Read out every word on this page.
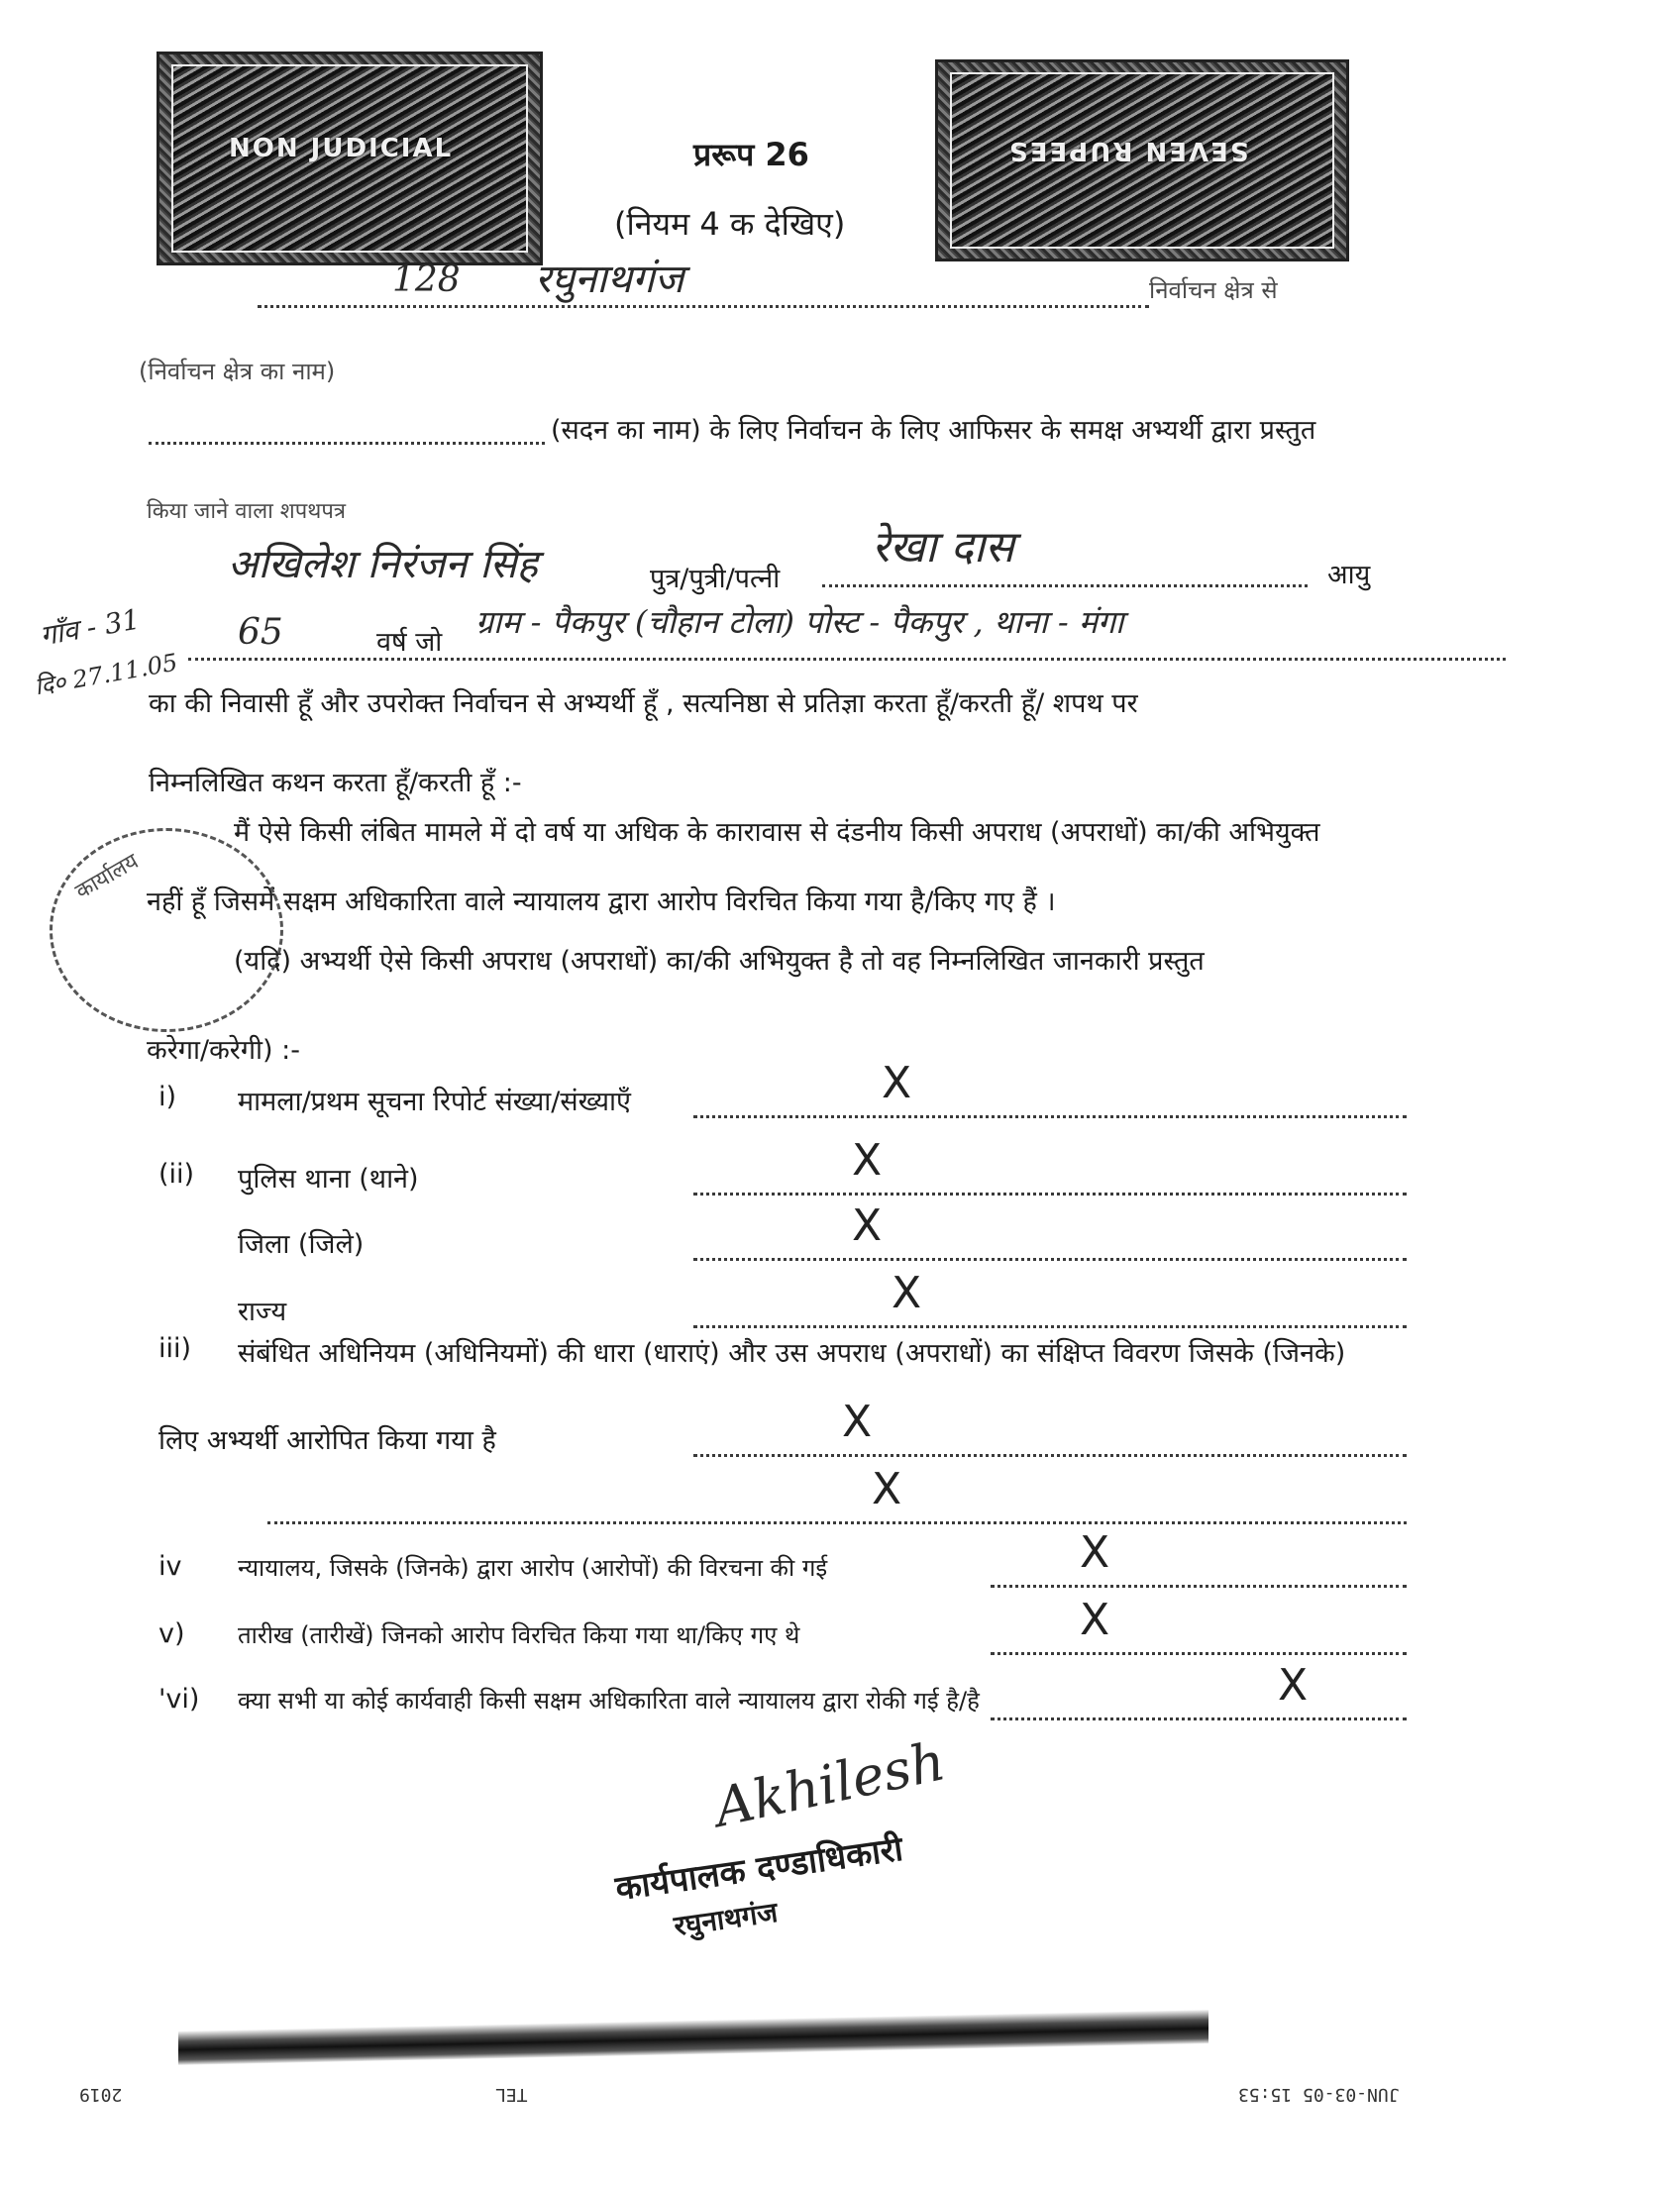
NON JUDICIAL	SEVEN RUPEES
प्ररूप 26
(नियम 4 क देखिए)
128 रघुनाथगंज	निर्वाचन क्षेत्र से
(निर्वाचन क्षेत्र का नाम)
(सदन का नाम) के लिए निर्वाचन के लिए आफिसर के समक्ष अभ्यर्थी द्वारा प्रस्तुत
किया जाने वाला शपथपत्र
अखिलेश निरंजन सिंह	पुत्र/पुत्री/पत्नी
रेखा दास
आयु
गाँव - 31
दि० 27.11.05
65	वर्ष जो
ग्राम - पैकपुर (चौहान टोला) पोस्ट - पैकपुर , थाना - मंगा
का की निवासी हूँ और उपरोक्त निर्वाचन से अभ्यर्थी हूँ , सत्यनिष्ठा से प्रतिज्ञा करता हूँ/करती हूँ/ शपथ पर
निम्नलिखित कथन करता हूँ/करती हूँ :-
मैं ऐसे किसी लंबित मामले में दो वर्ष या अधिक के कारावास से दंडनीय किसी अपराध (अपराधों) का/की अभियुक्त
नहीं हूँ जिसमें सक्षम अधिकारिता वाले न्यायालय द्वारा आरोप विरचित किया गया है/किए गए हैं ।
(यदि) अभ्यर्थी ऐसे किसी अपराध (अपराधों) का/की अभियुक्त है तो वह निम्नलिखित जानकारी प्रस्तुत
करेगा/करेगी) :-
कार्यालय
i) मामला/प्रथम सूचना रिपोर्ट संख्या/संख्याएँ	X
(ii) पुलिस थाना (थाने)	X
जिला (जिले)	X
राज्य	X
iii) संबंधित अधिनियम (अधिनियमों) की धारा (धाराएं) और उस अपराध (अपराधों) का संक्षिप्त विवरण जिसके (जिनके)
लिए अभ्यर्थी आरोपित किया गया है	X
X
iv न्यायालय, जिसके (जिनके) द्वारा आरोप (आरोपों) की विरचना की गई	X
v) तारीख (तारीखें) जिनको आरोप विरचित किया गया था/किए गए थे	X
'vi) क्या सभी या कोई कार्यवाही किसी सक्षम अधिकारिता वाले न्यायालय द्वारा रोकी गई है/है	X
Akhilesh
कार्यपालक दण्डाधिकारी
रघुनाथगंज
2019	TEL	JUN-03-05 15:53
